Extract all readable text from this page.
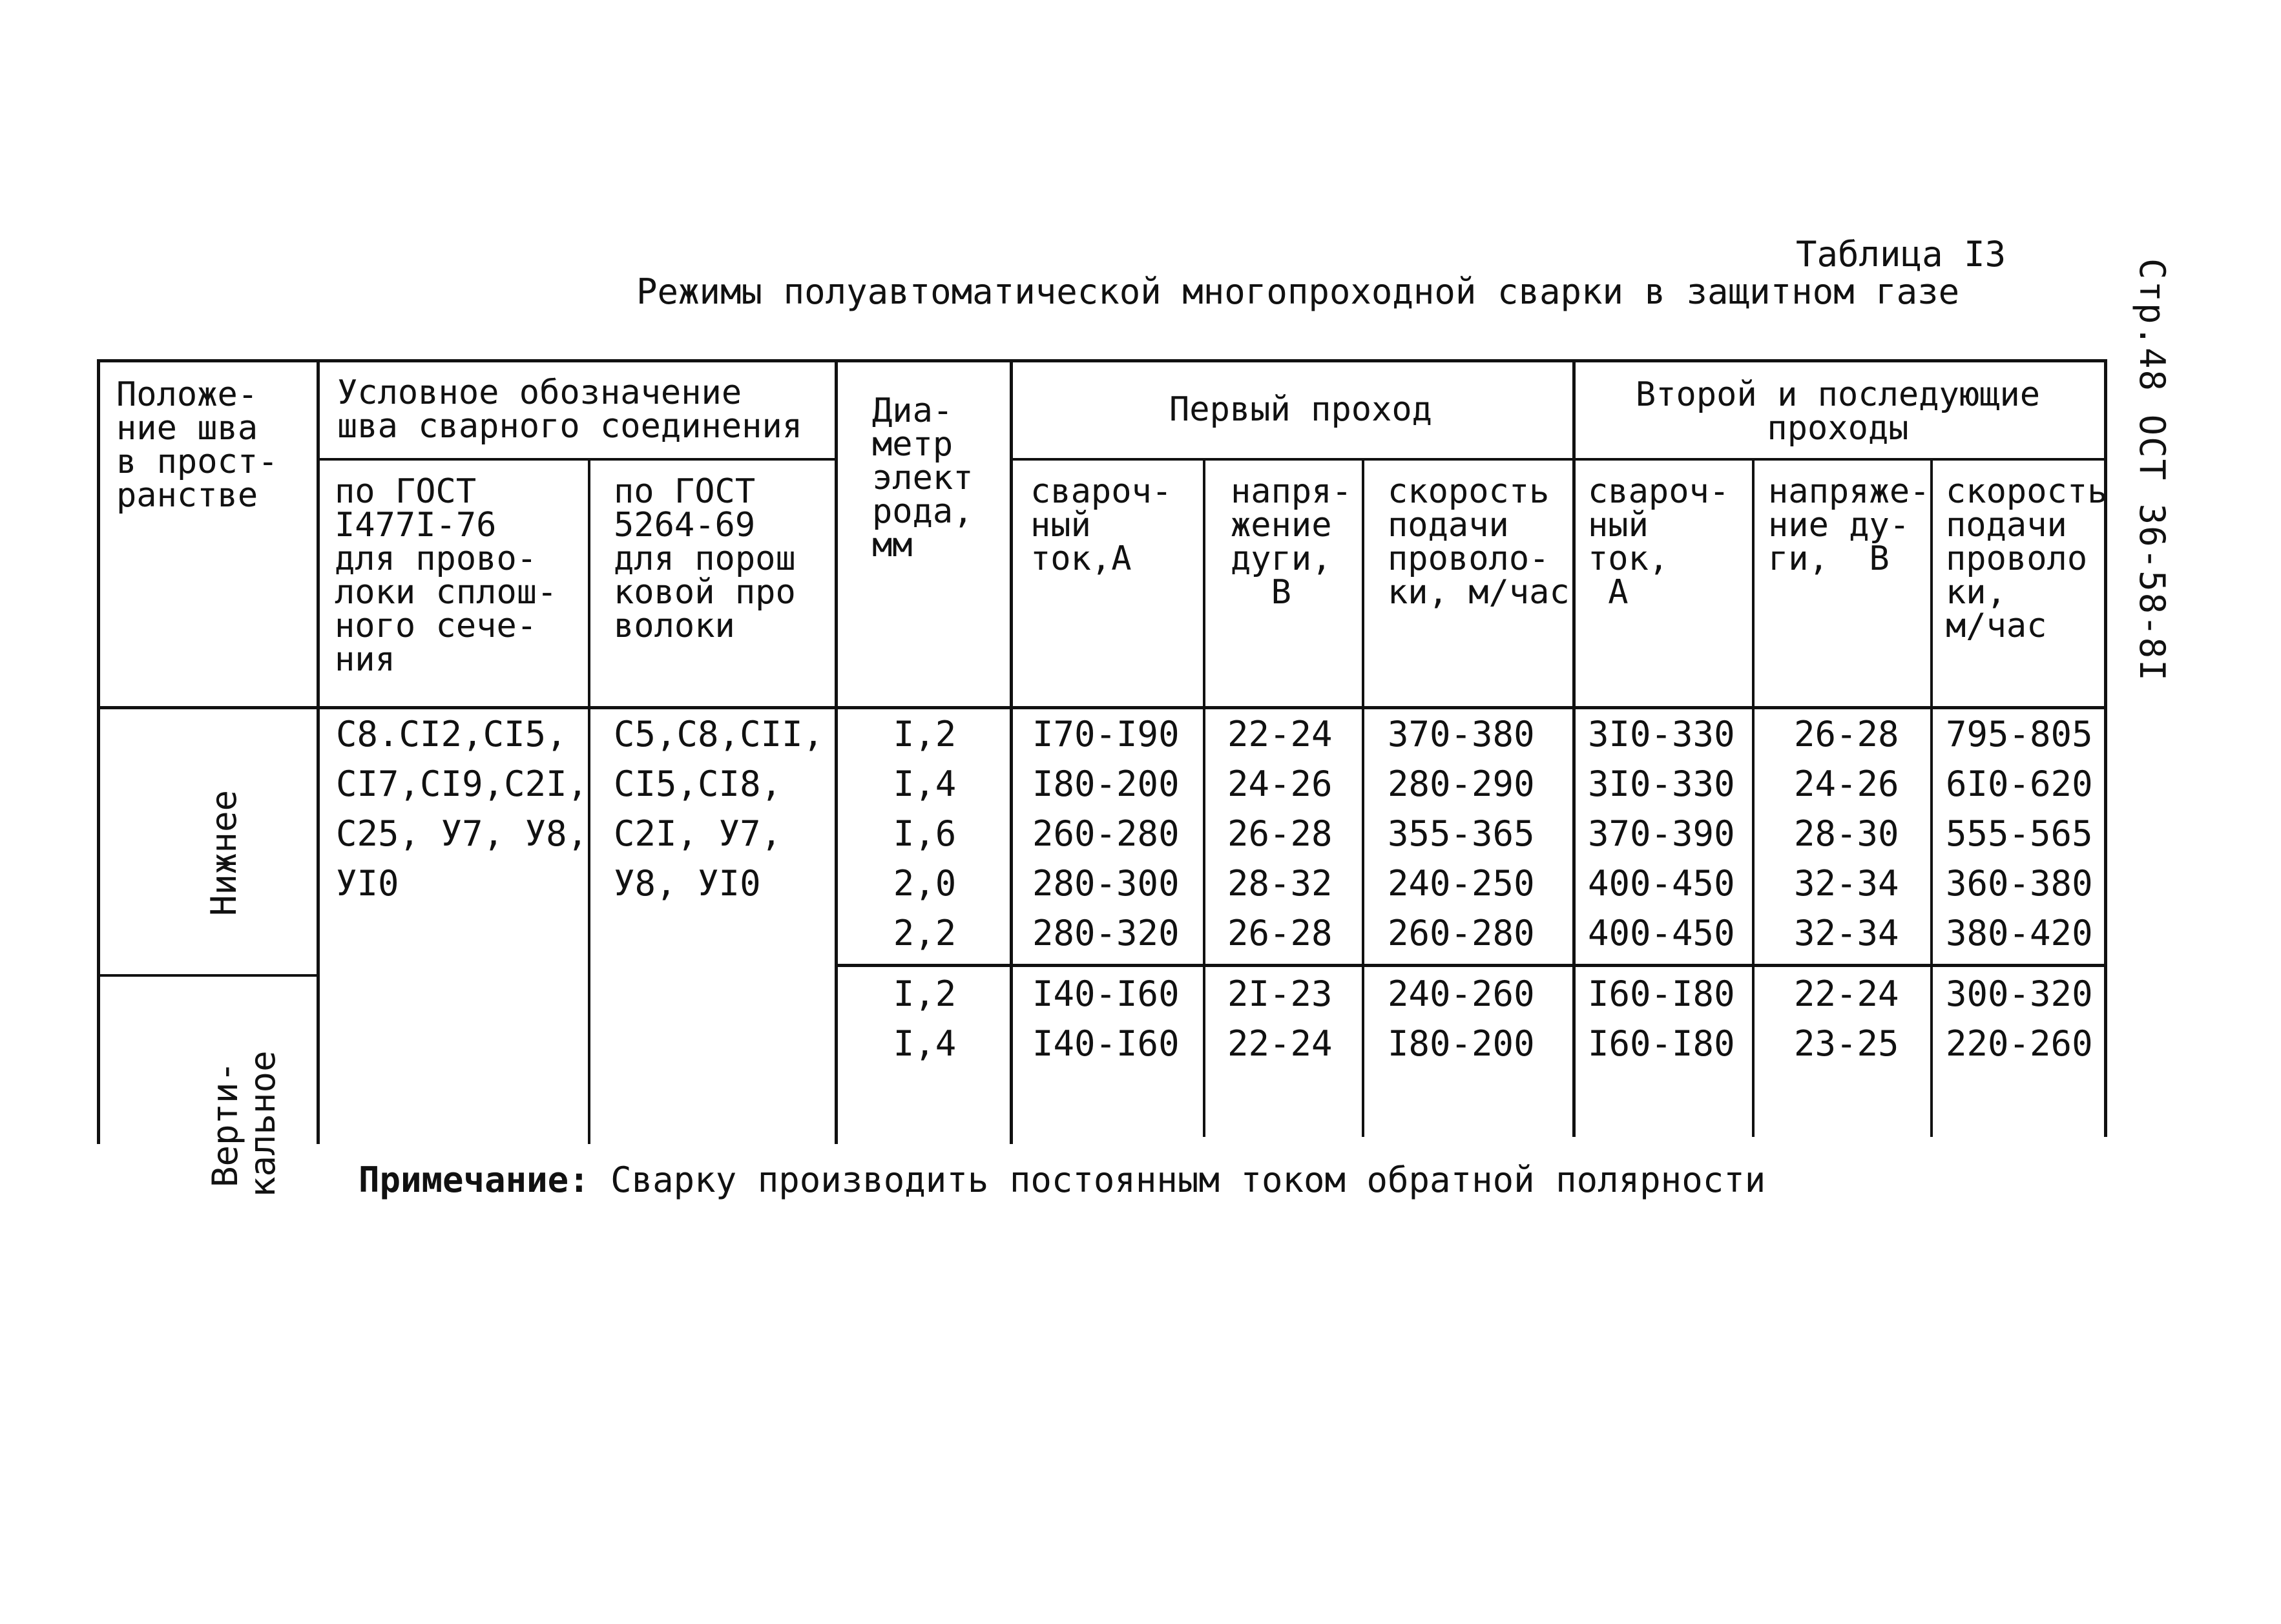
Таблица I3
Режимы полуавтоматической многопроходной сварки в защитном газе	Стр.48 ОСТ 36-58-8I
Положе-
ние шва
в прост-
ранстве
Условное обозначение
шва сварного соединения
по ГОСТ
I477I-76
для прово-
локи сплош-
ного сече-
ния
по ГОСТ
5264-69
для порош
ковой про
волоки
Диа-
метр
элект
рода,
мм
Первый проход	Второй и последующие
проходы
свароч-
ный
ток,А
напря-
жение
дуги,
В
скорость
подачи
проволо-
ки, м/час
свароч-
ный
ток,
А
напряже-
ние ду-
ги,  В
скорость
подачи
проволо
ки,
м/час
Нижнее
С8.СI2,СI5,
СI7,СI9,С2I,
С25, У7, У8,
УI0
С5,С8,СII,
СI5,СI8,
С2I, У7,
У8, УI0
I,2
I,4
I,6
2,0
2,2
I70-I90
I80-200
260-280
280-300
280-320
22-24
24-26
26-28
28-32
26-28
370-380
280-290
355-365
240-250
260-280
3I0-330
3I0-330
370-390
400-450
400-450
26-28
24-26
28-30
32-34
32-34
795-805
6I0-620
555-565
360-380
380-420
Верти-
кальное
I,2
I,4
I40-I60
I40-I60
2I-23
22-24
240-260
I80-200
I60-I80
I60-I80
22-24
23-25
300-320
220-260
Примечание: Сварку производить постоянным током обратной полярности
